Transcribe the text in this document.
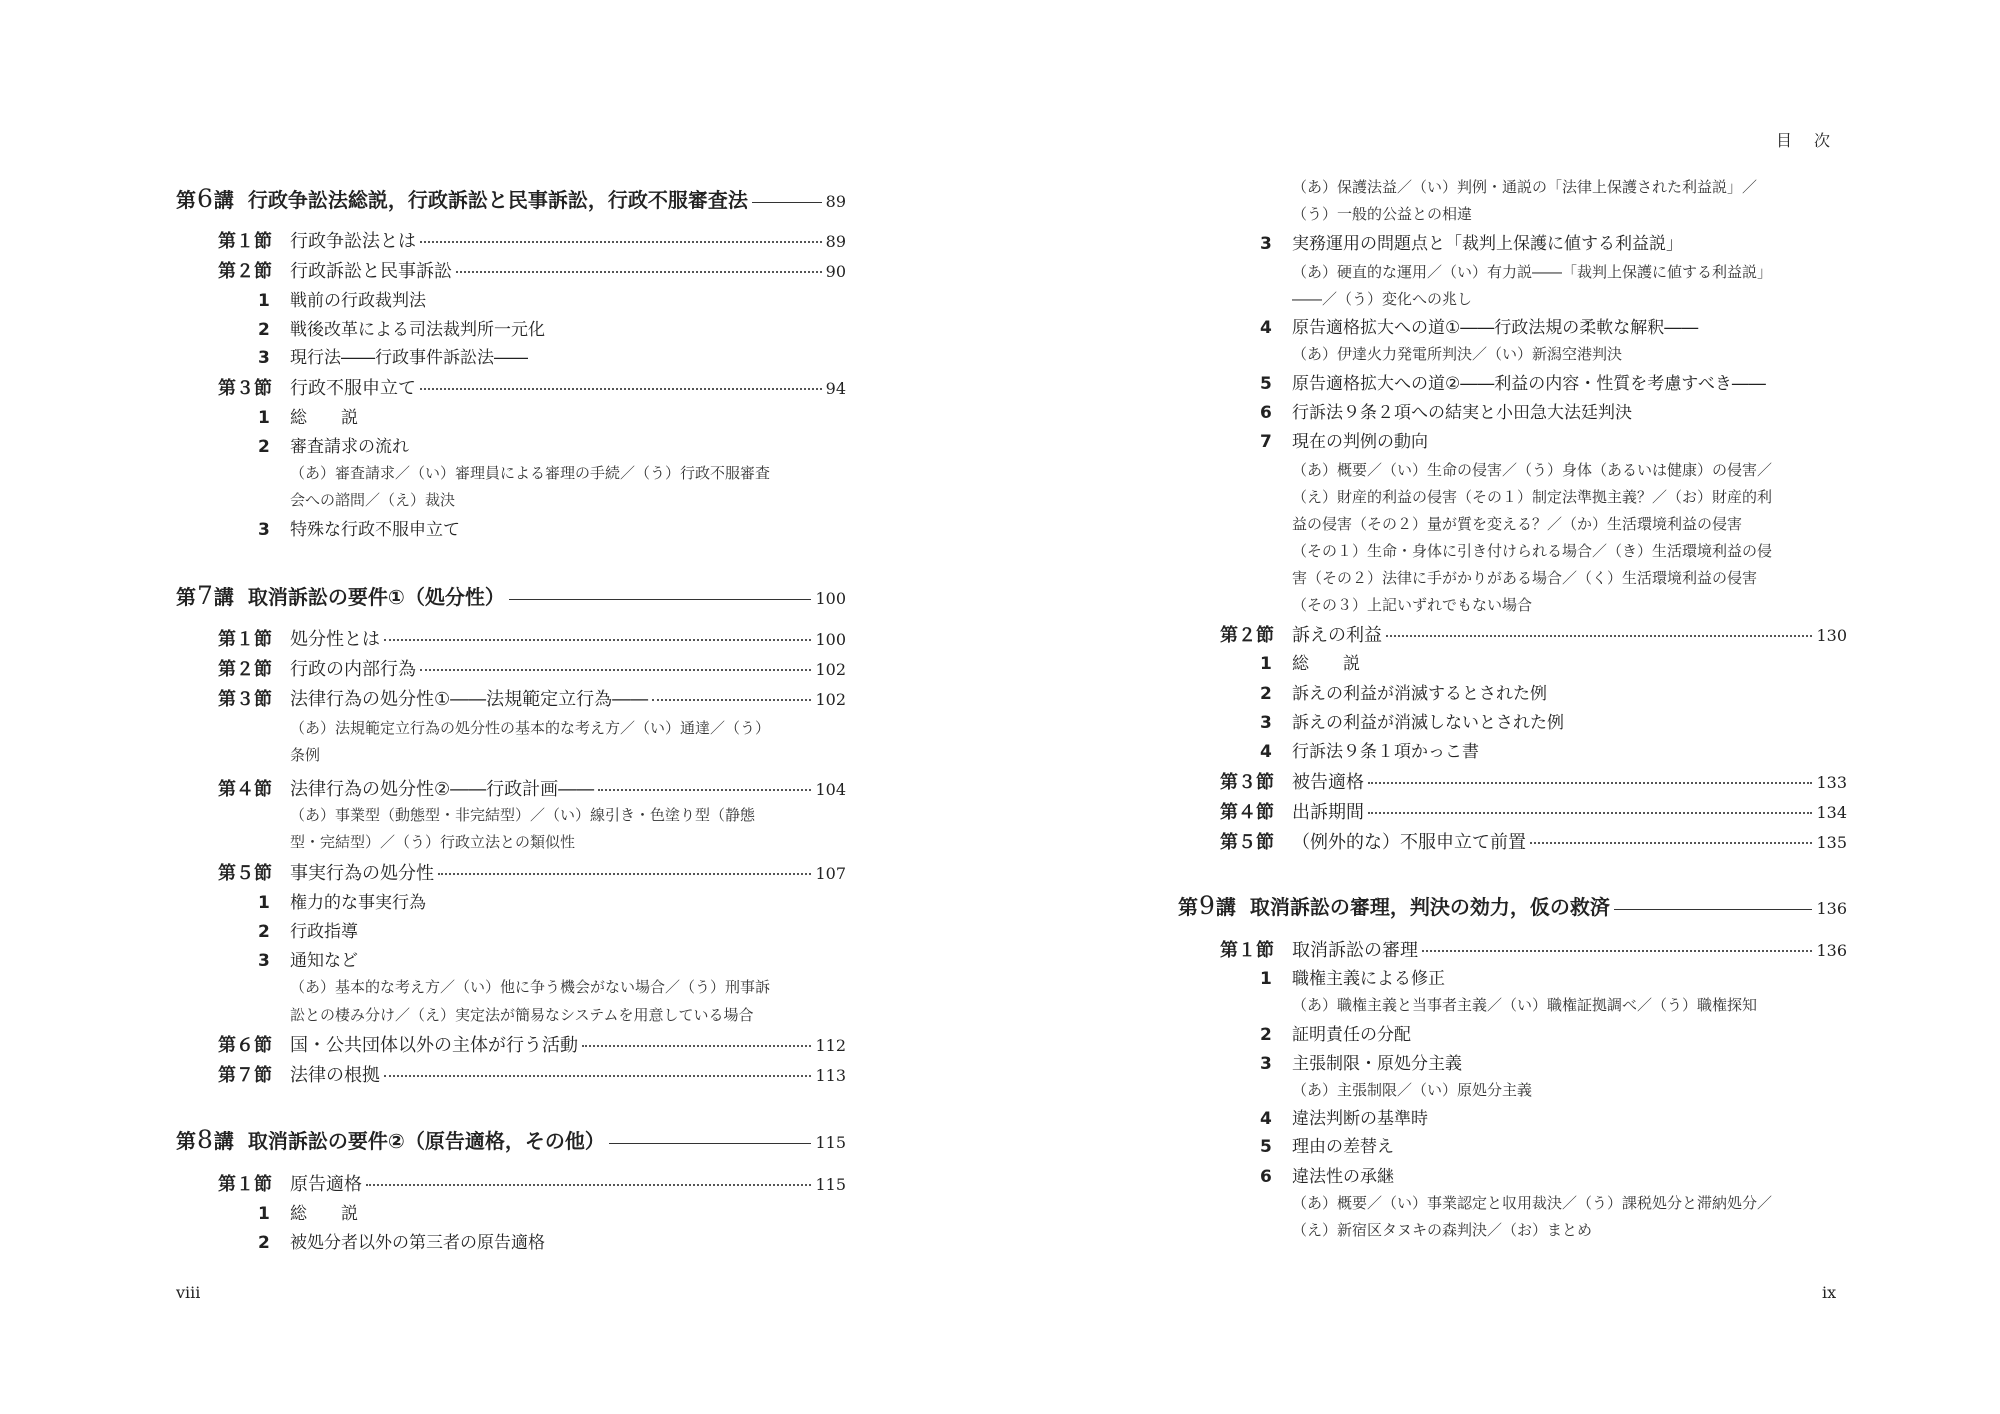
viii
第6講 行政争訟法総説，行政訴訟と民事訴訟，行政不服審査法	89
第１節 行政争訟法とは	89
第２節 行政訴訟と民事訴訟	90
1 戦前の行政裁判法
2 戦後改革による司法裁判所一元化
3 現行法――行政事件訴訟法――
第３節 行政不服申立て	94
1 総　　説
2 審査請求の流れ
（あ）審査請求／（い）審理員による審理の手続／（う）行政不服審査
会への諮問／（え）裁決
3 特殊な行政不服申立て
第7講 取消訴訟の要件①（処分性）	100
第１節 処分性とは	100
第２節 行政の内部行為	102
第３節 法律行為の処分性①――法規範定立行為――	102
（あ）法規範定立行為の処分性の基本的な考え方／（い）通達／（う）
条例
第４節 法律行為の処分性②――行政計画――	104
（あ）事業型（動態型・非完結型）／（い）線引き・色塗り型（静態
型・完結型）／（う）行政立法との類似性
第５節 事実行為の処分性	107
1 権力的な事実行為
2 行政指導
3 通知など
（あ）基本的な考え方／（い）他に争う機会がない場合／（う）刑事訴
訟との棲み分け／（え）実定法が簡易なシステムを用意している場合
第６節 国・公共団体以外の主体が行う活動	112
第７節 法律の根拠	113
第8講 取消訴訟の要件②（原告適格，その他）	115
第１節 原告適格	115
1 総　　説
2 被処分者以外の第三者の原告適格
目次
ix
（あ）保護法益／（い）判例・通説の「法律上保護された利益説」／
（う）一般的公益との相違
3 実務運用の問題点と「裁判上保護に値する利益説」
（あ）硬直的な運用／（い）有力説――「裁判上保護に値する利益説」
――／（う）変化への兆し
4 原告適格拡大への道①――行政法規の柔軟な解釈――
（あ）伊達火力発電所判決／（い）新潟空港判決
5 原告適格拡大への道②――利益の内容・性質を考慮すべき――
6 行訴法９条２項への結実と小田急大法廷判決
7 現在の判例の動向
（あ）概要／（い）生命の侵害／（う）身体（あるいは健康）の侵害／
（え）財産的利益の侵害（その１）制定法準拠主義？／（お）財産的利
益の侵害（その２）量が質を変える？／（か）生活環境利益の侵害
（その１）生命・身体に引き付けられる場合／（き）生活環境利益の侵
害（その２）法律に手がかりがある場合／（く）生活環境利益の侵害
（その３）上記いずれでもない場合
第２節 訴えの利益	130
1 総　　説
2 訴えの利益が消滅するとされた例
3 訴えの利益が消滅しないとされた例
4 行訴法９条１項かっこ書
第３節 被告適格	133
第４節 出訴期間	134
第５節 （例外的な）不服申立て前置	135
第9講 取消訴訟の審理，判決の効力，仮の救済	136
第１節 取消訴訟の審理	136
1 職権主義による修正
（あ）職権主義と当事者主義／（い）職権証拠調べ／（う）職権探知
2 証明責任の分配
3 主張制限・原処分主義
（あ）主張制限／（い）原処分主義
4 違法判断の基準時
5 理由の差替え
6 違法性の承継
（あ）概要／（い）事業認定と収用裁決／（う）課税処分と滞納処分／
（え）新宿区タヌキの森判決／（お）まとめ
